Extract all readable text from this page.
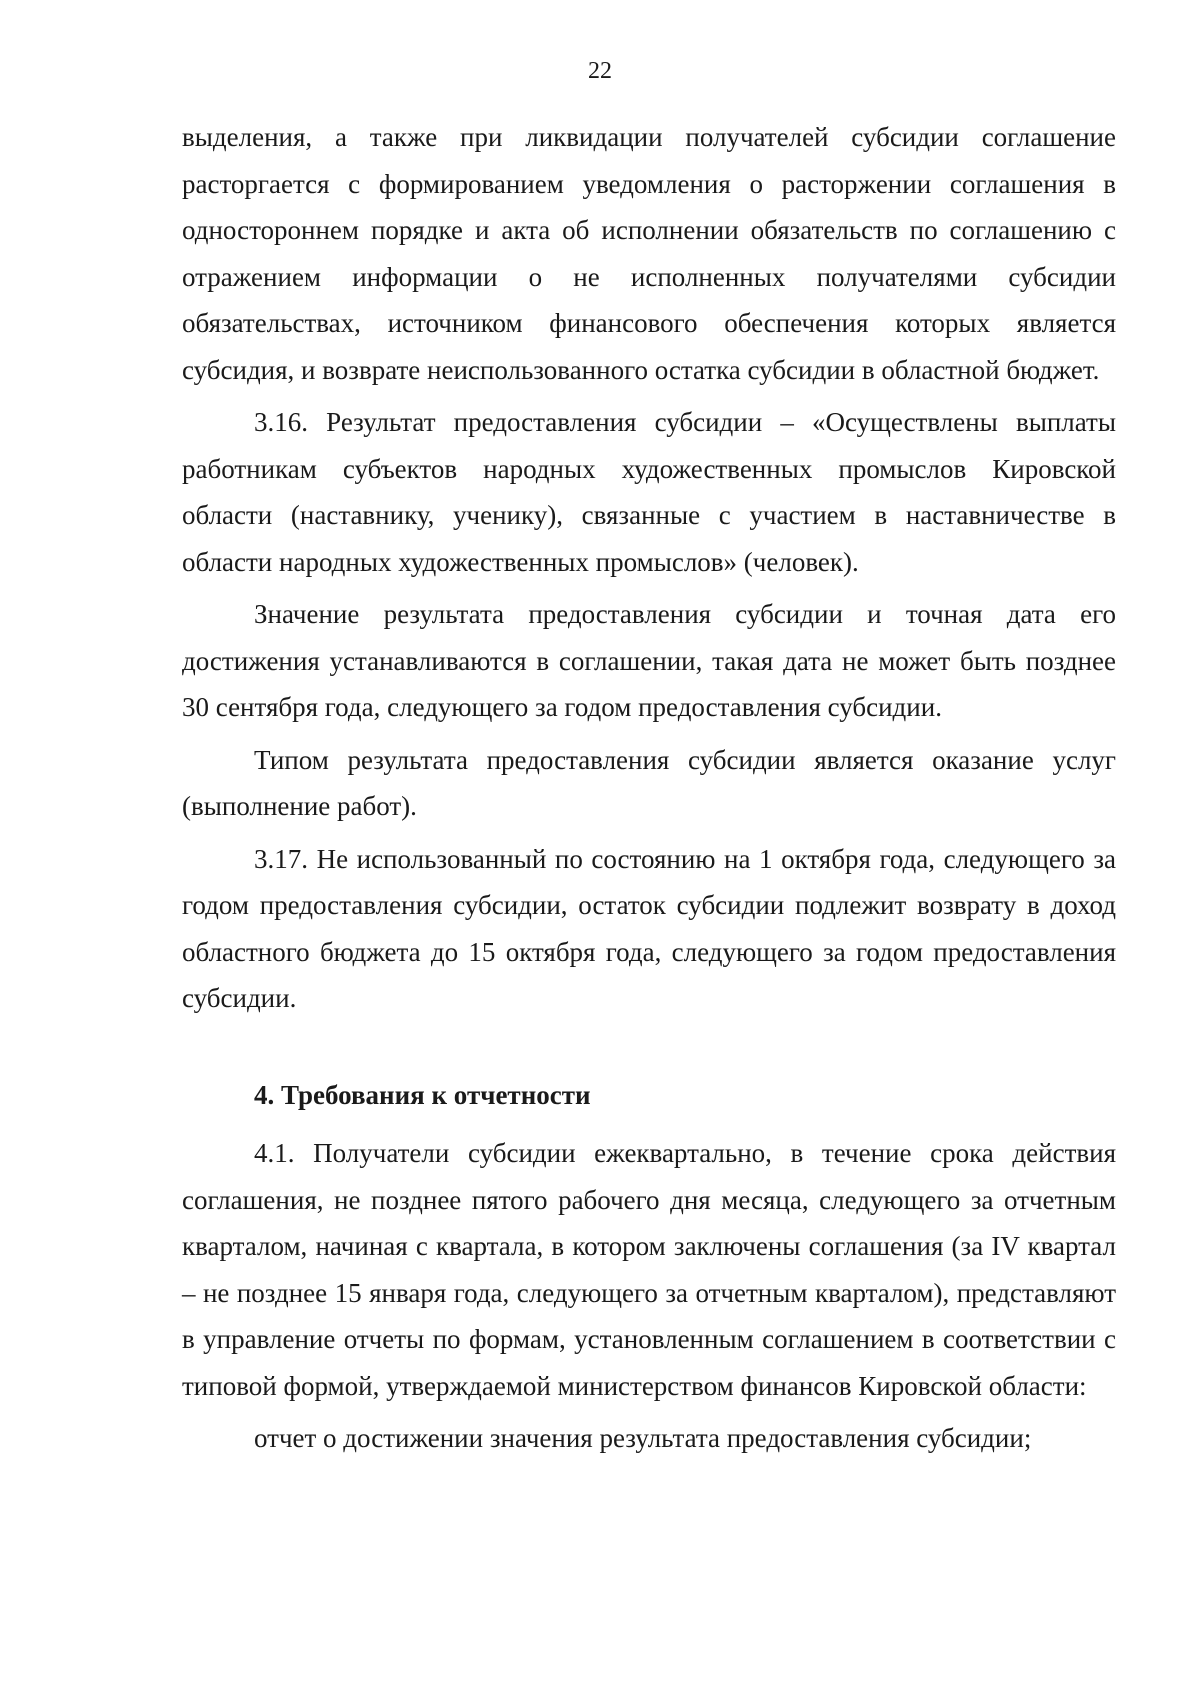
22

выделения, а также при ликвидации получателей субсидии соглашение расторгается с формированием уведомления о расторжении соглашения в одностороннем порядке и акта об исполнении обязательств по соглашению с отражением информации о не исполненных получателями субсидии обязательствах, источником финансового обеспечения которых является субсидия, и возврате неиспользованного остатка субсидии в областной бюджет.

3.16. Результат предоставления субсидии – «Осуществлены выплаты работникам субъектов народных художественных промыслов Кировской области (наставнику, ученику), связанные с участием в наставничестве в области народных художественных промыслов» (человек).

Значение результата предоставления субсидии и точная дата его достижения устанавливаются в соглашении, такая дата не может быть позднее 30 сентября года, следующего за годом предоставления субсидии.

Типом результата предоставления субсидии является оказание услуг (выполнение работ).

3.17. Не использованный по состоянию на 1 октября года, следующего за годом предоставления субсидии, остаток субсидии подлежит возврату в доход областного бюджета до 15 октября года, следующего за годом предоставления субсидии.

4. Требования к отчетности

4.1. Получатели субсидии ежеквартально, в течение срока действия соглашения, не позднее пятого рабочего дня месяца, следующего за отчетным кварталом, начиная с квартала, в котором заключены соглашения (за IV квартал – не позднее 15 января года, следующего за отчетным кварталом), представляют в управление отчеты по формам, установленным соглашением в соответствии с типовой формой, утверждаемой министерством финансов Кировской области:

отчет о достижении значения результата предоставления субсидии;
